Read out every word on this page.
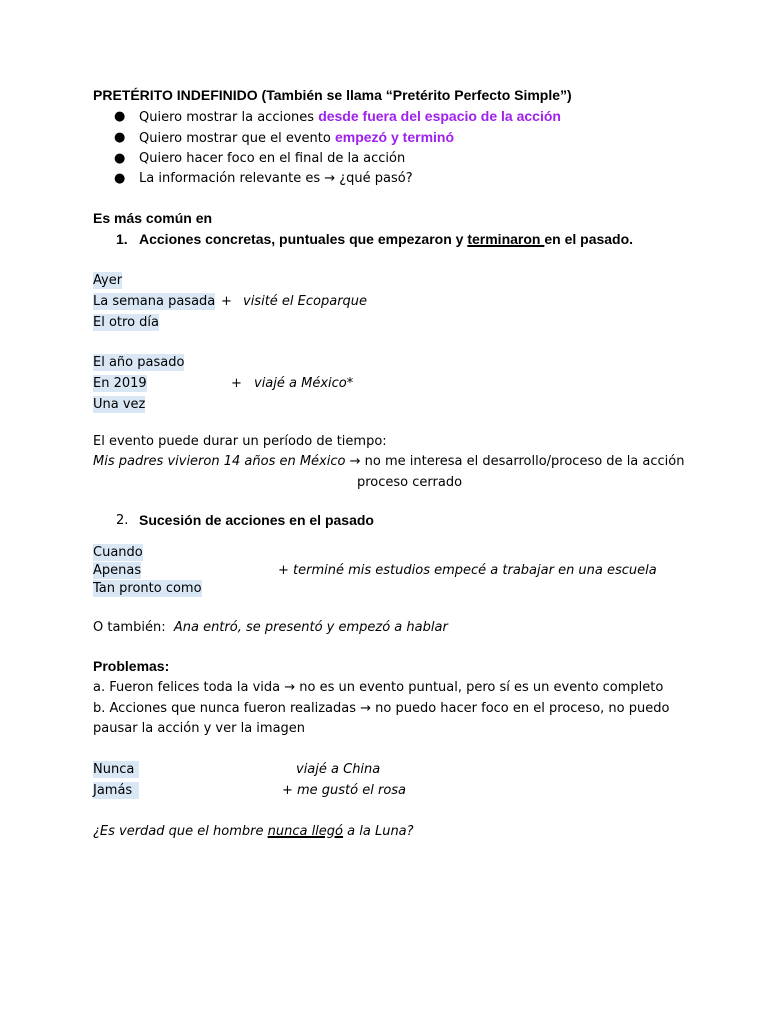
PRETÉRITO INDEFINIDO (También se llama “Pretérito Perfecto Simple”)
● Quiero mostrar la acciones desde fuera del espacio de la acción
● Quiero mostrar que el evento empezó y terminó
● Quiero hacer foco en el final de la acción
● La información relevante es → ¿qué pasó?
Es más común en
1. Acciones concretas, puntuales que empezaron y terminaron en el pasado.
Ayer
La semana pasada + visité el Ecoparque
El otro día
El año pasado
En 2019	+ viajé a México*
Una vez
El evento puede durar un período de tiempo:
Mis padres vivieron 14 años en México → no me interesa el desarrollo/proceso de la acción
proceso cerrado
2. Sucesión de acciones en el pasado
Cuando
Apenas	+ terminé mis estudios empecé a trabajar en una escuela
Tan pronto como
O también: Ana entró, se presentó y empezó a hablar
Problemas:
a. Fueron felices toda la vida → no es un evento puntual, pero sí es un evento completo
b. Acciones que nunca fueron realizadas → no puedo hacer foco en el proceso, no puedo
pausar la acción y ver la imagen
Nunca	viajé a China
Jamás	+ me gustó el rosa
¿Es verdad que el hombre nunca llegó a la Luna?
